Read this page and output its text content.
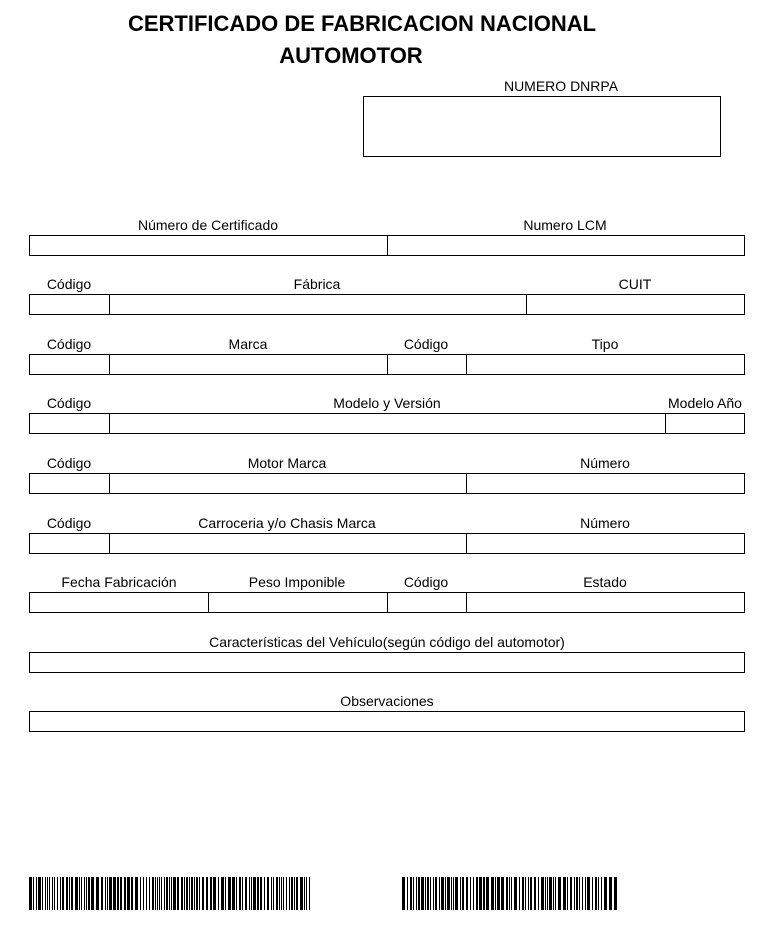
CERTIFICADO DE FABRICACION NACIONAL
AUTOMOTOR
NUMERO DNRPA
Número de Certificado	Numero LCM
Código	Fábrica	CUIT
Código	Marca	Código	Tipo
Código	Modelo y Versión	Modelo Año
Código	Motor Marca	Número
Código	Carroceria y/o Chasis Marca	Número
Fecha Fabricación	Peso Imponible	Código	Estado
Características del Vehículo(según código del automotor)
Observaciones
